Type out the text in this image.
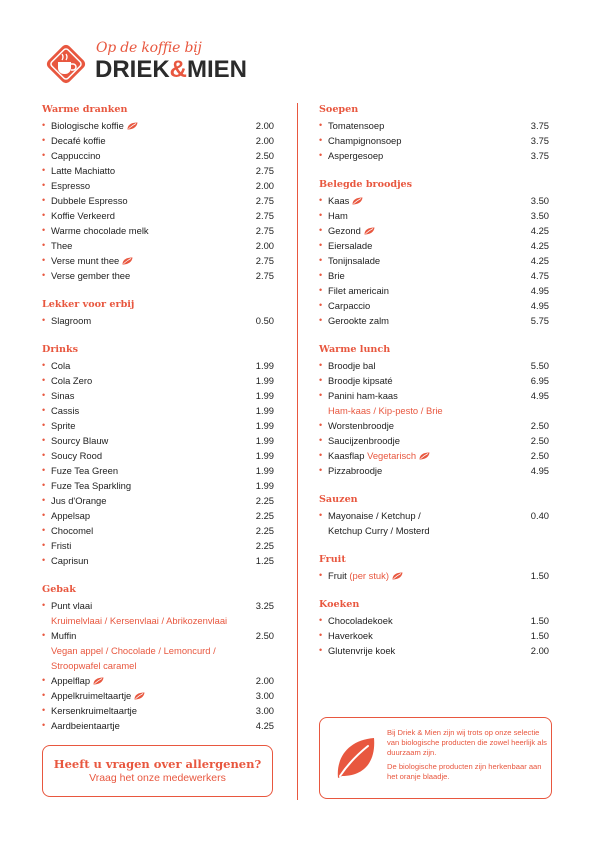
Op de koffie bij
DRIEK&MIEN
Warme dranken
• Biologische koffie	2.00
• Decafé koffie	2.00
• Cappuccino	2.50
• Latte Machiatto	2.75
• Espresso	2.00
• Dubbele Espresso	2.75
• Koffie Verkeerd	2.75
• Warme chocolade melk	2.75
• Thee	2.00
• Verse munt thee	2.75
• Verse gember thee	2.75
Lekker voor erbij
• Slagroom	0.50
Drinks
• Cola	1.99
• Cola Zero	1.99
• Sinas	1.99
• Cassis	1.99
• Sprite	1.99
• Sourcy Blauw	1.99
• Soucy Rood	1.99
• Fuze Tea Green	1.99
• Fuze Tea Sparkling	1.99
• Jus d'Orange	2.25
• Appelsap	2.25
• Chocomel	2.25
• Fristi	2.25
• Caprisun	1.25
Gebak
• Punt vlaai	3.25
Kruimelvlaai / Kersenvlaai / Abrikozenvlaai
• Muffin	2.50
Vegan appel / Chocolade / Lemoncurd /
Stroopwafel caramel
• Appelflap	2.00
• Appelkruimeltaartje	3.00
• Kersenkruimeltaartje	3.00
• Aardbeientaartje	4.25
Soepen
• Tomatensoep	3.75
• Champignonsoep	3.75
• Aspergesoep	3.75
Belegde broodjes
• Kaas	3.50
• Ham	3.50
• Gezond	4.25
• Eiersalade	4.25
• Tonijnsalade	4.25
• Brie	4.75
• Filet americain	4.95
• Carpaccio	4.95
• Gerookte zalm	5.75
Warme lunch
• Broodje bal	5.50
• Broodje kipsaté	6.95
• Panini ham-kaas	4.95
Ham-kaas / Kip-pesto / Brie
• Worstenbroodje	2.50
• Saucijzenbroodje	2.50
• Kaasflap Vegetarisch	2.50
• Pizzabroodje	4.95
Sauzen
• Mayonaise / Ketchup /	0.40
Ketchup Curry / Mosterd
Fruit
• Fruit (per stuk)	1.50
Koeken
• Chocoladekoek	1.50
• Haverkoek	1.50
• Glutenvrije koek	2.00
Heeft u vragen over allergenen?
Vraag het onze medewerkers

Bij Driek & Mien zijn wij trots op onze selectie van biologische producten die zowel heerlijk als duurzaam zijn.

De biologische producten zijn herkenbaar aan het oranje blaadje.
